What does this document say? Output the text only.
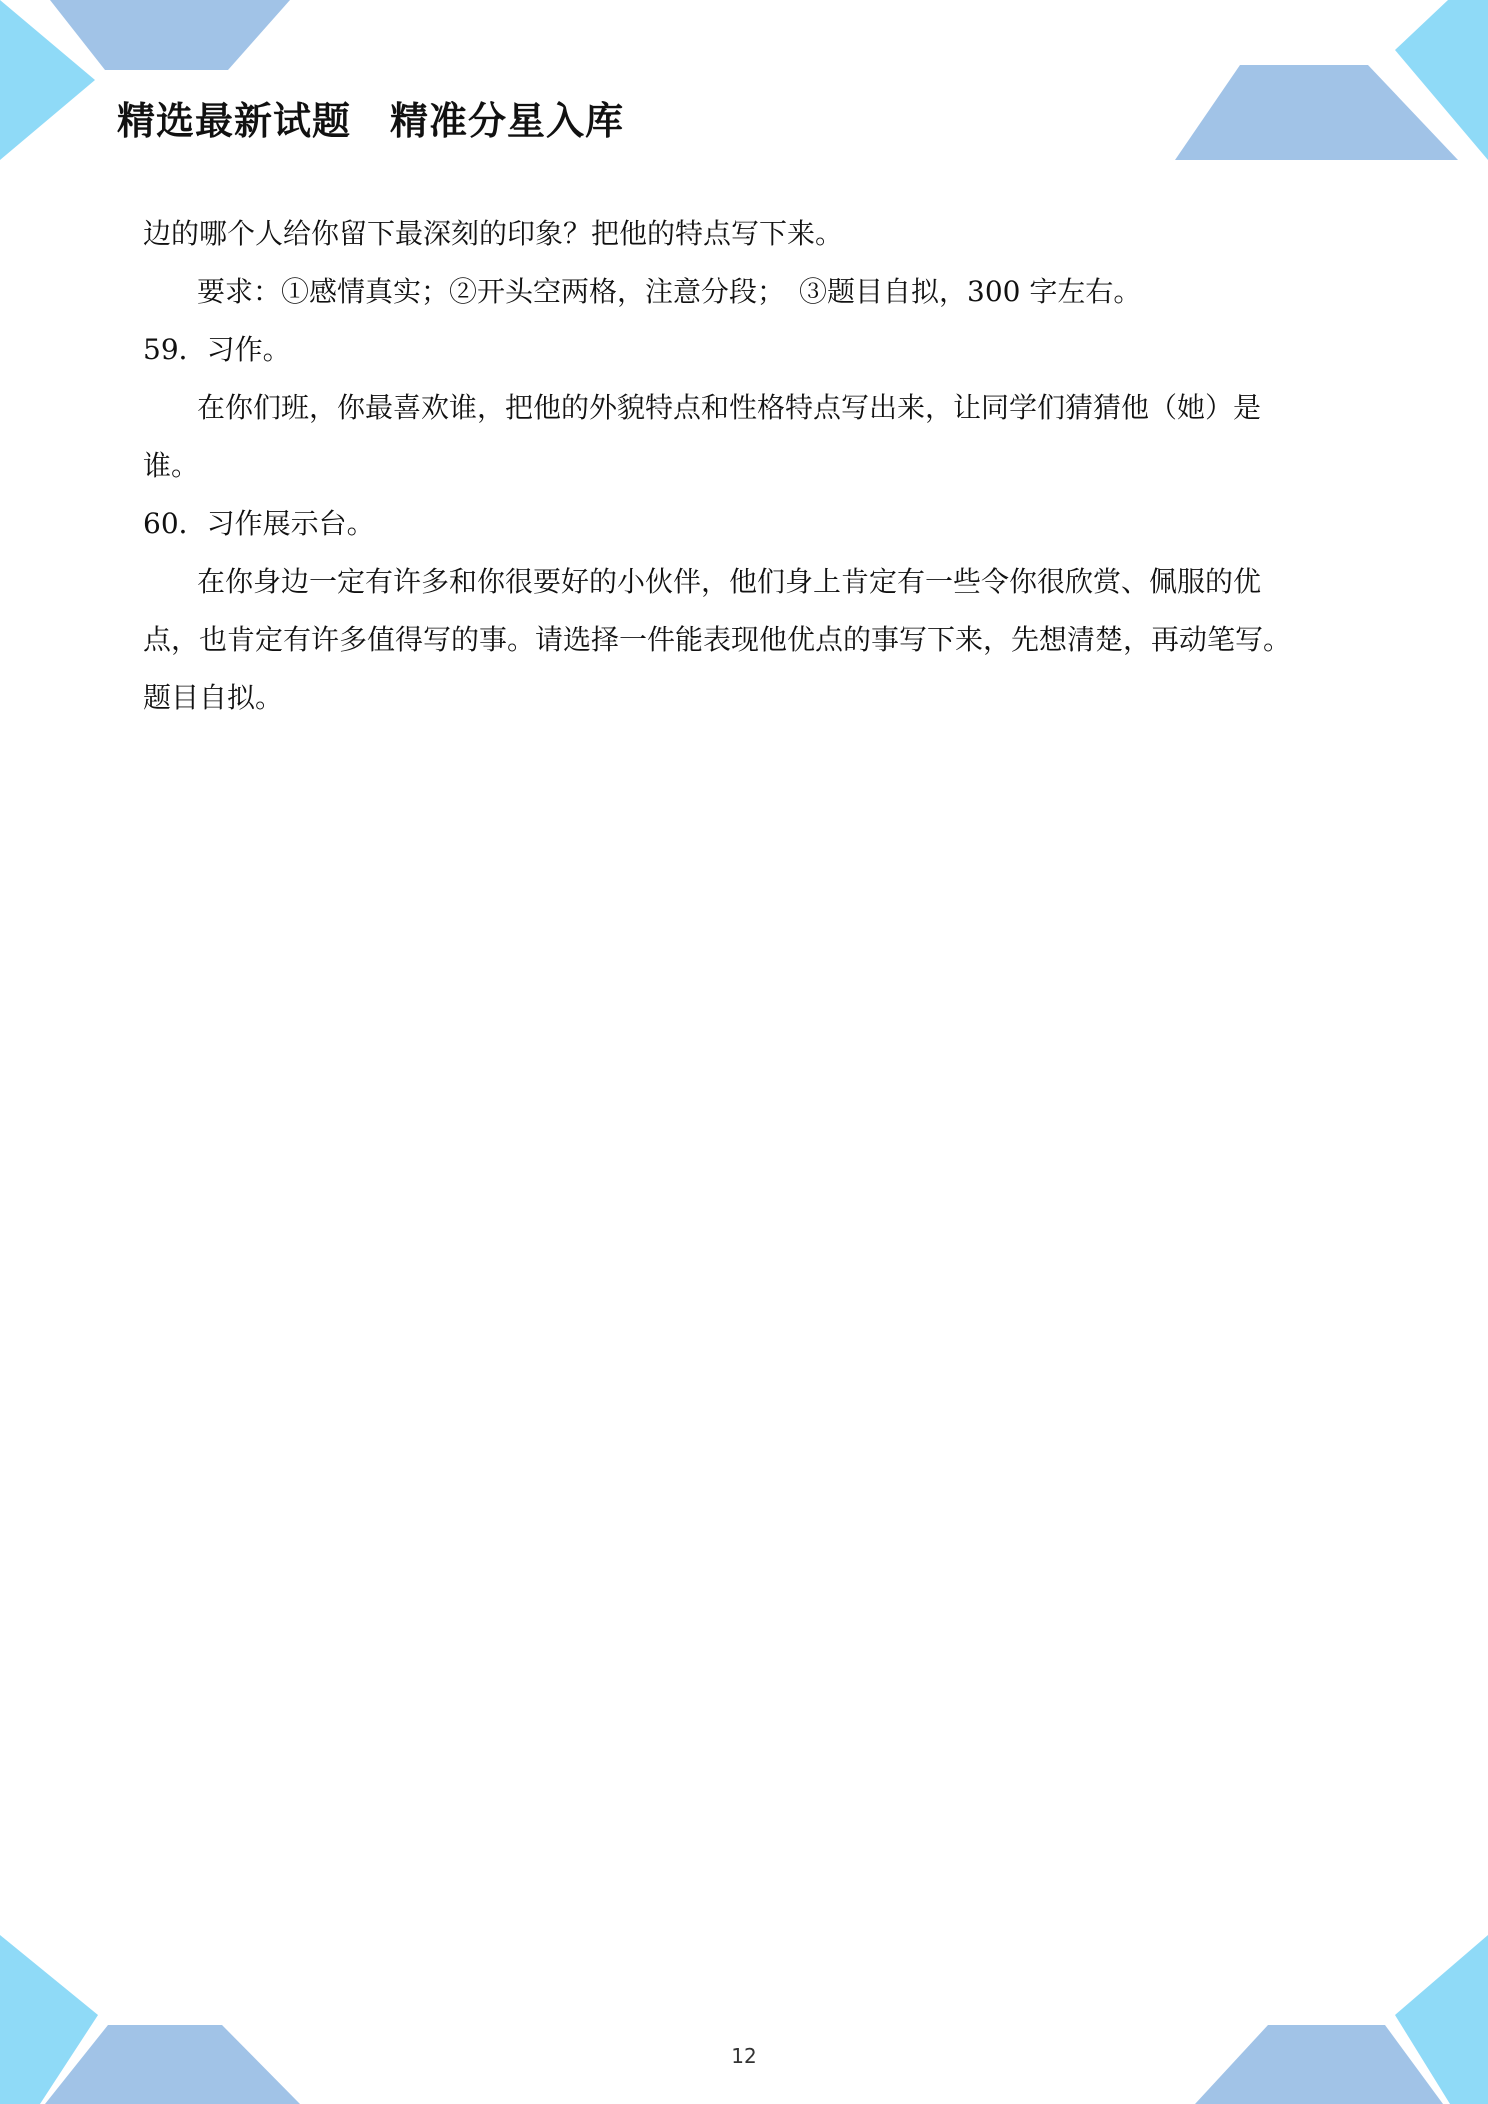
精选最新试题　精准分星入库

边的哪个人给你留下最深刻的印象？把他的特点写下来。

要求：①感情真实；②开头空两格，注意分段；　③题目自拟，300 字左右。

59．习作。

在你们班，你最喜欢谁，把他的外貌特点和性格特点写出来，让同学们猜猜他（她）是

谁。

60．习作展示台。

在你身边一定有许多和你很要好的小伙伴，他们身上肯定有一些令你很欣赏、佩服的优

点，也肯定有许多值得写的事。请选择一件能表现他优点的事写下来，先想清楚，再动笔写。

题目自拟。

12
